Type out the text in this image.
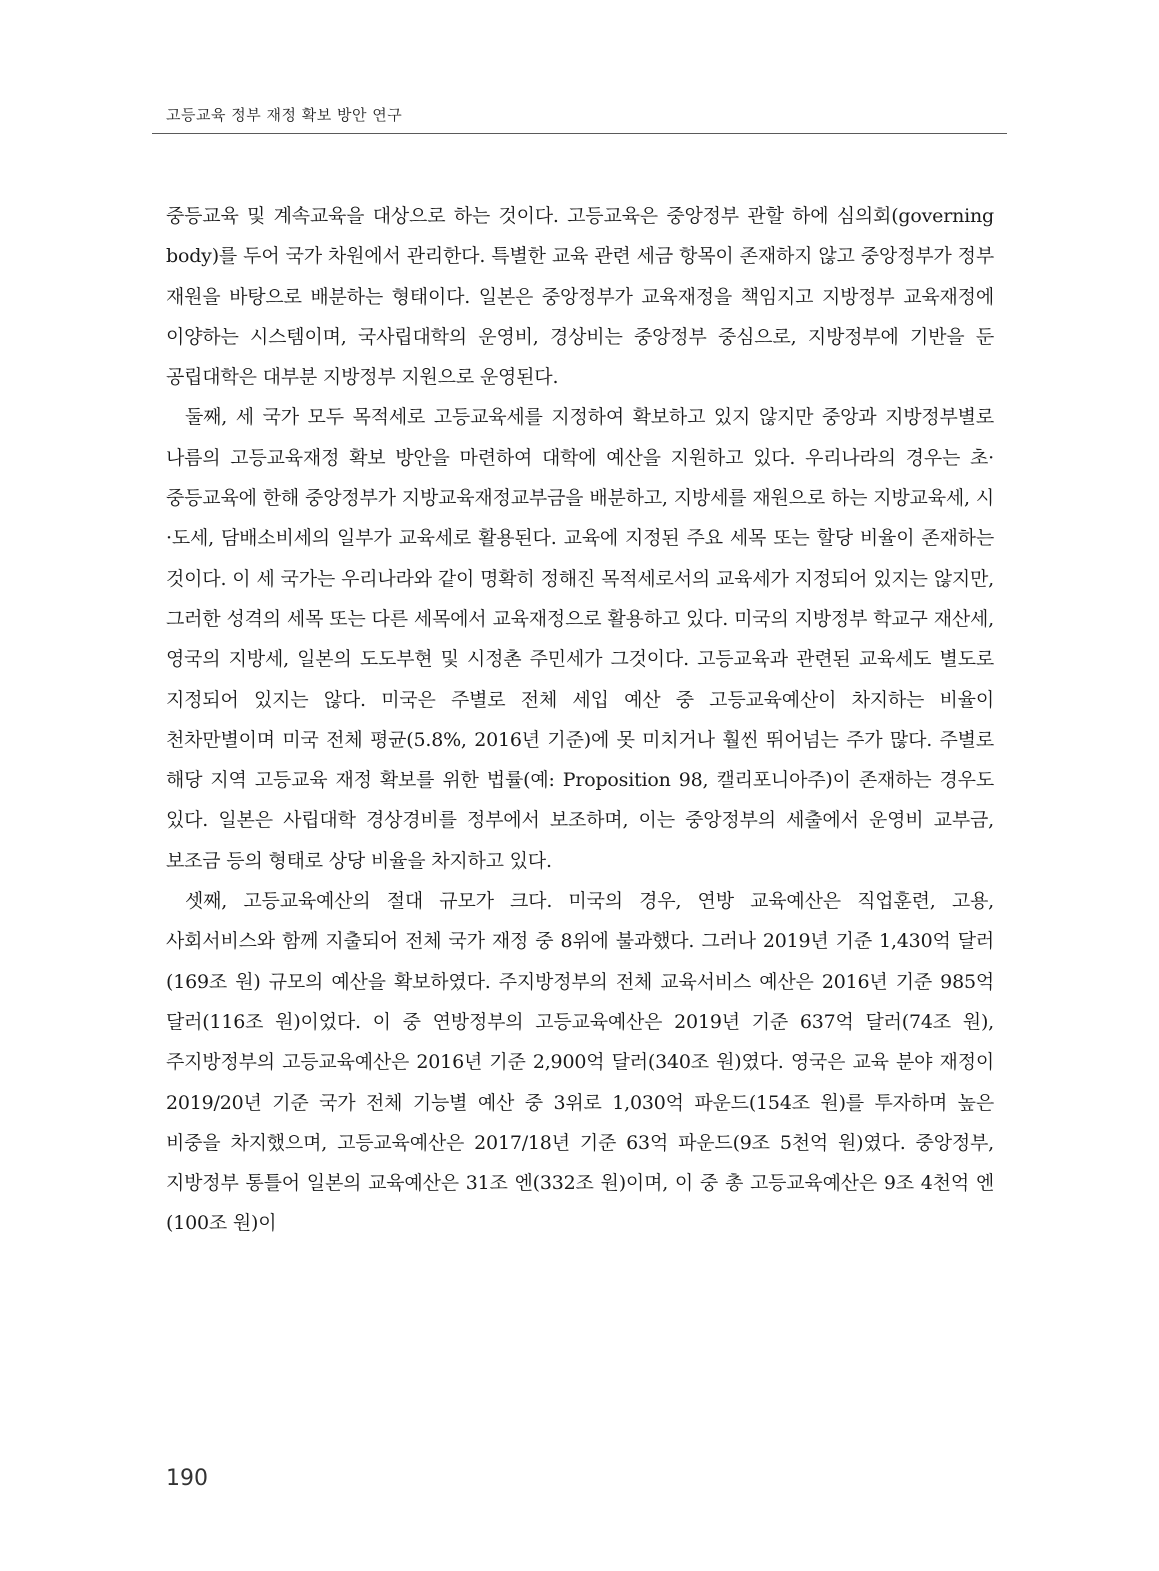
고등교육 정부 재정 확보 방안 연구

중등교육 및 계속교육을 대상으로 하는 것이다. 고등교육은 중앙정부 관할 하에 심의회(governing body)를 두어 국가 차원에서 관리한다. 특별한 교육 관련 세금 항목이 존재하지 않고 중앙정부가 정부 재원을 바탕으로 배분하는 형태이다. 일본은 중앙정부가 교육재정을 책임지고 지방정부 교육재정에 이양하는 시스템이며, 국사립대학의 운영비, 경상비는 중앙정부 중심으로, 지방정부에 기반을 둔 공립대학은 대부분 지방정부 지원으로 운영된다.

둘째, 세 국가 모두 목적세로 고등교육세를 지정하여 확보하고 있지 않지만 중앙과 지방정부별로 나름의 고등교육재정 확보 방안을 마련하여 대학에 예산을 지원하고 있다. 우리나라의 경우는 초·중등교육에 한해 중앙정부가 지방교육재정교부금을 배분하고, 지방세를 재원으로 하는 지방교육세, 시·도세, 담배소비세의 일부가 교육세로 활용된다. 교육에 지정된 주요 세목 또는 할당 비율이 존재하는 것이다. 이 세 국가는 우리나라와 같이 명확히 정해진 목적세로서의 교육세가 지정되어 있지는 않지만, 그러한 성격의 세목 또는 다른 세목에서 교육재정으로 활용하고 있다. 미국의 지방정부 학교구 재산세, 영국의 지방세, 일본의 도도부현 및 시정촌 주민세가 그것이다. 고등교육과 관련된 교육세도 별도로 지정되어 있지는 않다. 미국은 주별로 전체 세입 예산 중 고등교육예산이 차지하는 비율이 천차만별이며 미국 전체 평균(5.8%, 2016년 기준)에 못 미치거나 훨씬 뛰어넘는 주가 많다. 주별로 해당 지역 고등교육 재정 확보를 위한 법률(예: Proposition 98, 캘리포니아주)이 존재하는 경우도 있다. 일본은 사립대학 경상경비를 정부에서 보조하며, 이는 중앙정부의 세출에서 운영비 교부금, 보조금 등의 형태로 상당 비율을 차지하고 있다.

셋째, 고등교육예산의 절대 규모가 크다. 미국의 경우, 연방 교육예산은 직업훈련, 고용, 사회서비스와 함께 지출되어 전체 국가 재정 중 8위에 불과했다. 그러나 2019년 기준 1,430억 달러(169조 원) 규모의 예산을 확보하였다. 주지방정부의 전체 교육서비스 예산은 2016년 기준 985억 달러(116조 원)이었다. 이 중 연방정부의 고등교육예산은 2019년 기준 637억 달러(74조 원), 주지방정부의 고등교육예산은 2016년 기준 2,900억 달러(340조 원)였다. 영국은 교육 분야 재정이 2019/20년 기준 국가 전체 기능별 예산 중 3위로 1,030억 파운드(154조 원)를 투자하며 높은 비중을 차지했으며, 고등교육예산은 2017/18년 기준 63억 파운드(9조 5천억 원)였다. 중앙정부, 지방정부 통틀어 일본의 교육예산은 31조 엔(332조 원)이며, 이 중 총 고등교육예산은 9조 4천억 엔(100조 원)이

190
